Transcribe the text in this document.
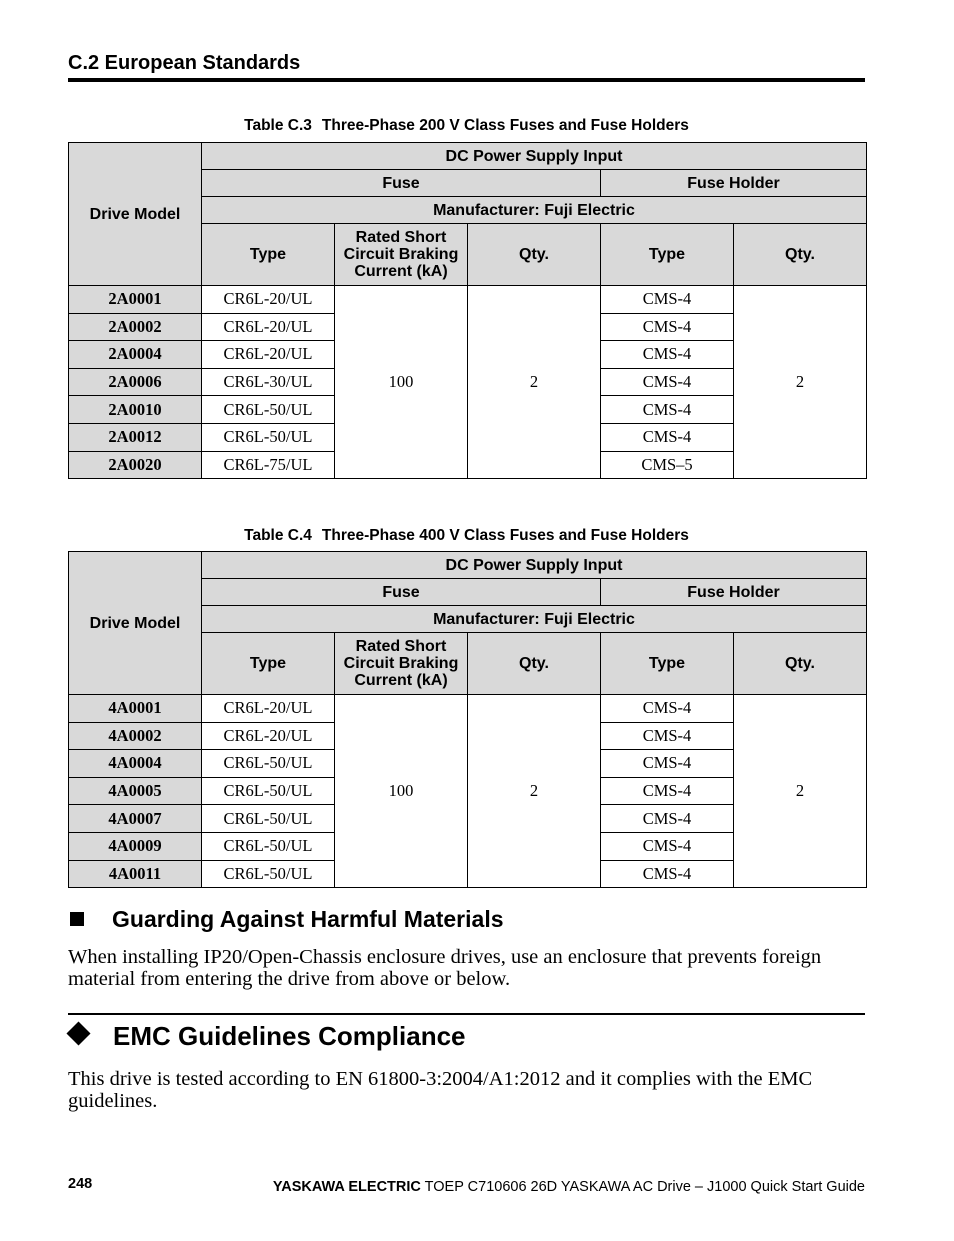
C.2 European Standards
Table C.3 Three-Phase 200 V Class Fuses and Fuse Holders
Drive Model	DC Power Supply Input				
	Fuse			Fuse Holder	
	Manufacturer: Fuji Electric				
	Type	Rated Short Circuit Braking Current (kA)	Qty.	Type	Qty.
2A0001	CR6L-20/UL	100	2	CMS-4	2
2A0002	CR6L-20/UL			CMS-4	
2A0004	CR6L-20/UL			CMS-4	
2A0006	CR6L-30/UL			CMS-4	
2A0010	CR6L-50/UL			CMS-4	
2A0012	CR6L-50/UL			CMS-4	
2A0020	CR6L-75/UL			CMS–5	
Table C.4 Three-Phase 400 V Class Fuses and Fuse Holders
Drive Model	DC Power Supply Input				
	Fuse			Fuse Holder	
	Manufacturer: Fuji Electric				
	Type	Rated Short Circuit Braking Current (kA)	Qty.	Type	Qty.
4A0001	CR6L-20/UL	100	2	CMS-4	2
4A0002	CR6L-20/UL			CMS-4	
4A0004	CR6L-50/UL			CMS-4	
4A0005	CR6L-50/UL			CMS-4	
4A0007	CR6L-50/UL			CMS-4	
4A0009	CR6L-50/UL			CMS-4	
4A0011	CR6L-50/UL			CMS-4	
Guarding Against Harmful Materials
When installing IP20/Open-Chassis enclosure drives, use an enclosure that prevents foreign material from entering the drive from above or below.
EMC Guidelines Compliance
This drive is tested according to EN 61800-3:2004/A1:2012 and it complies with the EMC guidelines.
248	YASKAWA ELECTRIC TOEP C710606 26D YASKAWA AC Drive – J1000 Quick Start Guide
